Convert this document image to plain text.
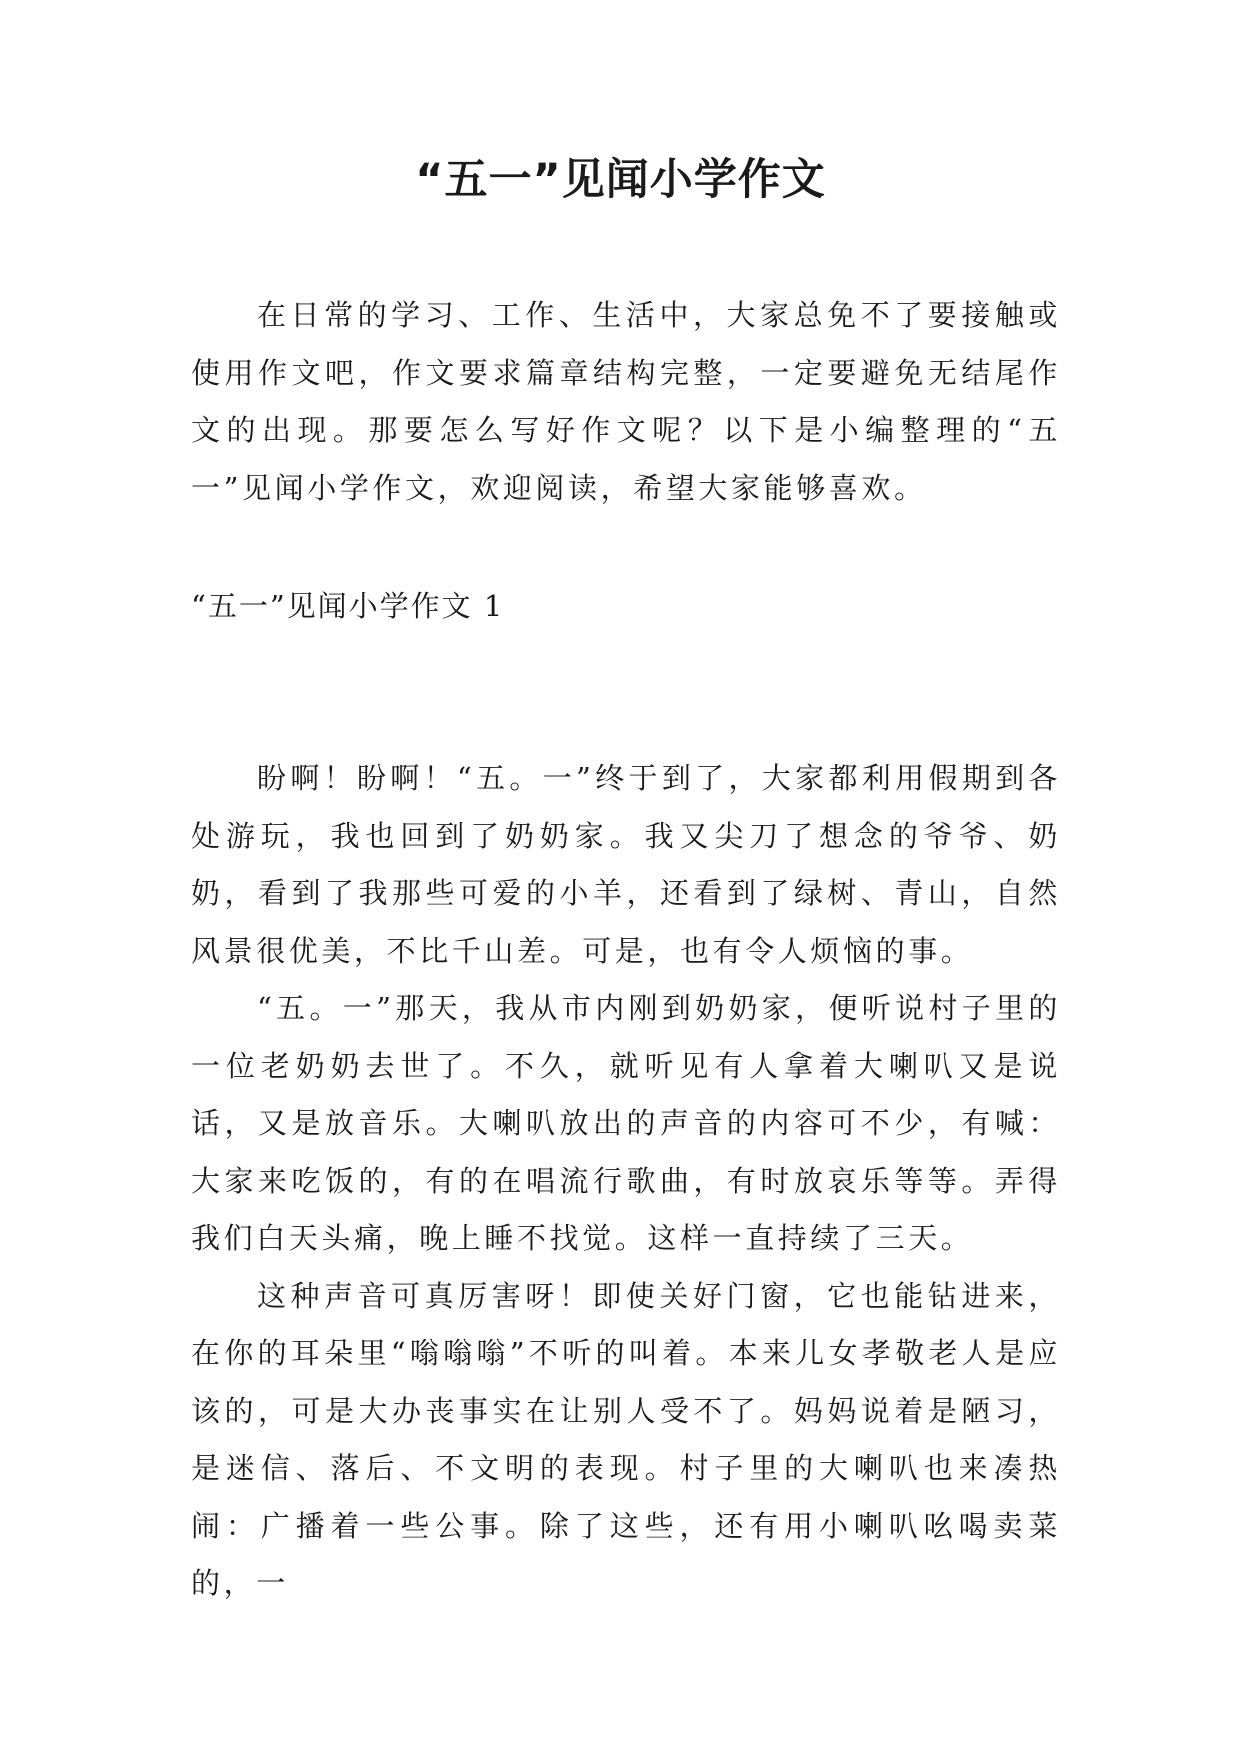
“五一”见闻小学作文

在日常的学习、工作、生活中，大家总免不了要接触或使用作文吧，作文要求篇章结构完整，一定要避免无结尾作文的出现。那要怎么写好作文呢？以下是小编整理的“五一”见闻小学作文，欢迎阅读，希望大家能够喜欢。

“五一”见闻小学作文 1

盼啊！盼啊！“五。一”终于到了，大家都利用假期到各处游玩，我也回到了奶奶家。我又尖刀了想念的爷爷、奶奶，看到了我那些可爱的小羊，还看到了绿树、青山，自然风景很优美，不比千山差。可是，也有令人烦恼的事。

“五。一”那天，我从市内刚到奶奶家，便听说村子里的一位老奶奶去世了。不久，就听见有人拿着大喇叭又是说话，又是放音乐。大喇叭放出的声音的内容可不少，有喊：大家来吃饭的，有的在唱流行歌曲，有时放哀乐等等。弄得我们白天头痛，晚上睡不找觉。这样一直持续了三天。

这种声音可真厉害呀！即使关好门窗，它也能钻进来，在你的耳朵里“嗡嗡嗡”不听的叫着。本来儿女孝敬老人是应该的，可是大办丧事实在让别人受不了。妈妈说着是陋习，是迷信、落后、不文明的表现。村子里的大喇叭也来凑热闹：广播着一些公事。除了这些，还有用小喇叭吆喝卖菜的，一
